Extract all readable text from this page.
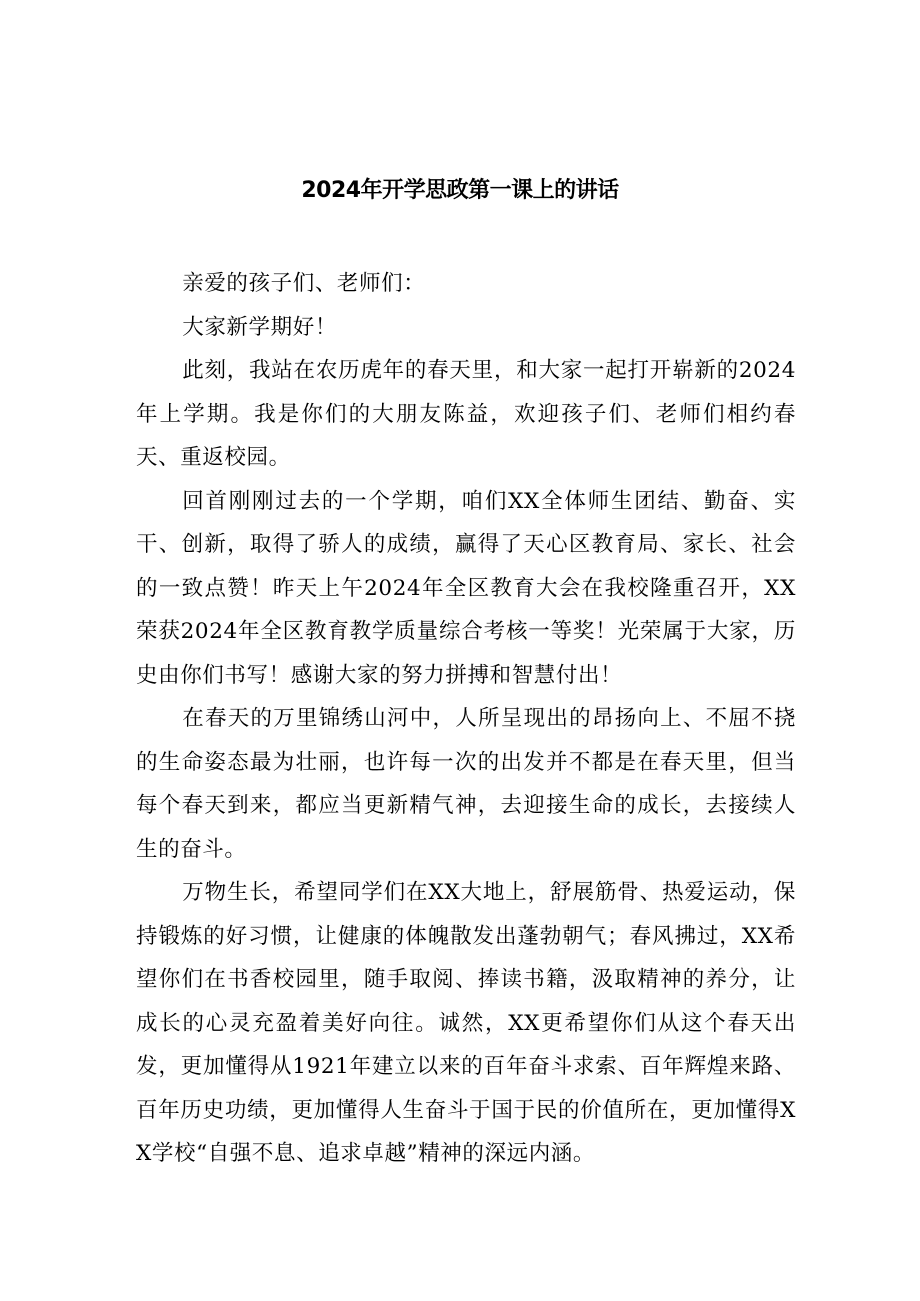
2024年开学思政第一课上的讲话

亲爱的孩子们、老师们：

大家新学期好！

此刻，我站在农历虎年的春天里，和大家一起打开崭新的2024年上学期。我是你们的大朋友陈益，欢迎孩子们、老师们相约春天、重返校园。

回首刚刚过去的一个学期，咱们XX全体师生团结、勤奋、实干、创新，取得了骄人的成绩，赢得了天心区教育局、家长、社会的一致点赞！昨天上午2024年全区教育大会在我校隆重召开，XX荣获2024年全区教育教学质量综合考核一等奖！光荣属于大家，历史由你们书写！感谢大家的努力拼搏和智慧付出！

在春天的万里锦绣山河中，人所呈现出的昂扬向上、不屈不挠的生命姿态最为壮丽，也许每一次的出发并不都是在春天里，但当每个春天到来，都应当更新精气神，去迎接生命的成长，去接续人生的奋斗。

万物生长，希望同学们在XX大地上，舒展筋骨、热爱运动，保持锻炼的好习惯，让健康的体魄散发出蓬勃朝气；春风拂过，XX希望你们在书香校园里，随手取阅、捧读书籍，汲取精神的养分，让成长的心灵充盈着美好向往。诚然，XX更希望你们从这个春天出发，更加懂得从1921年建立以来的百年奋斗求索、百年辉煌来路、百年历史功绩，更加懂得人生奋斗于国于民的价值所在，更加懂得XX学校“自强不息、追求卓越”精神的深远内涵。
